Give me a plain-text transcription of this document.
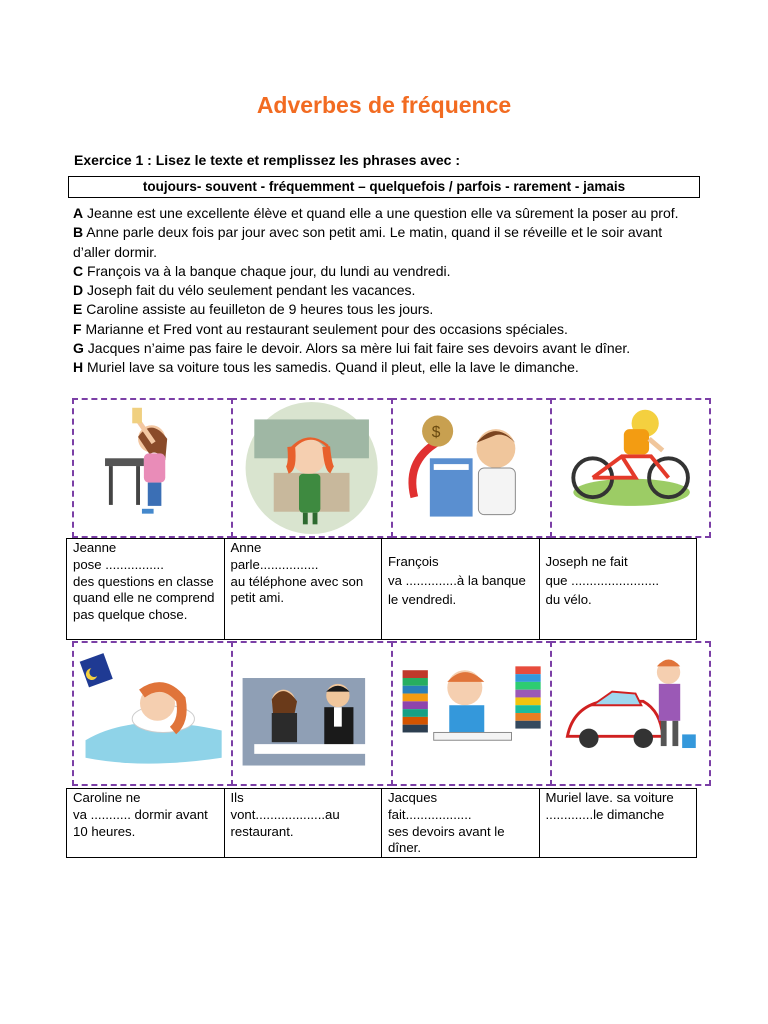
Adverbes de fréquence
Exercice 1 : Lisez le texte et remplissez les phrases avec :
toujours- souvent - fréquemment – quelquefois / parfois - rarement - jamais
A Jeanne est une excellente élève et quand elle a une question elle va sûrement la poser au prof.
B Anne parle deux fois par jour avec son petit ami. Le matin, quand il se réveille et le soir avant d’aller dormir.
C François va à la banque chaque jour, du lundi au vendredi.
D Joseph fait du vélo seulement pendant les vacances.
E Caroline assiste au feuilleton de 9 heures tous les jours.
F Marianne et Fred vont au restaurant seulement pour des occasions spéciales.
G Jacques n’aime pas faire le devoir. Alors sa mère lui fait faire ses devoirs avant le dîner.
H Muriel lave sa voiture tous les samedis. Quand il pleut, elle la lave le dimanche.
$
Jeanne
pose ................
des questions en classe quand elle ne comprend pas quelque chose.
Anne
parle................
au téléphone avec son petit ami.
François
va ..............à la banque le vendredi.
Joseph ne fait
que ........................
du vélo.
Caroline ne
va ........... dormir avant 10 heures.
Ils
vont...................au restaurant.
Jacques
fait..................
ses devoirs avant le dîner.
Muriel lave. sa voiture .............le dimanche
